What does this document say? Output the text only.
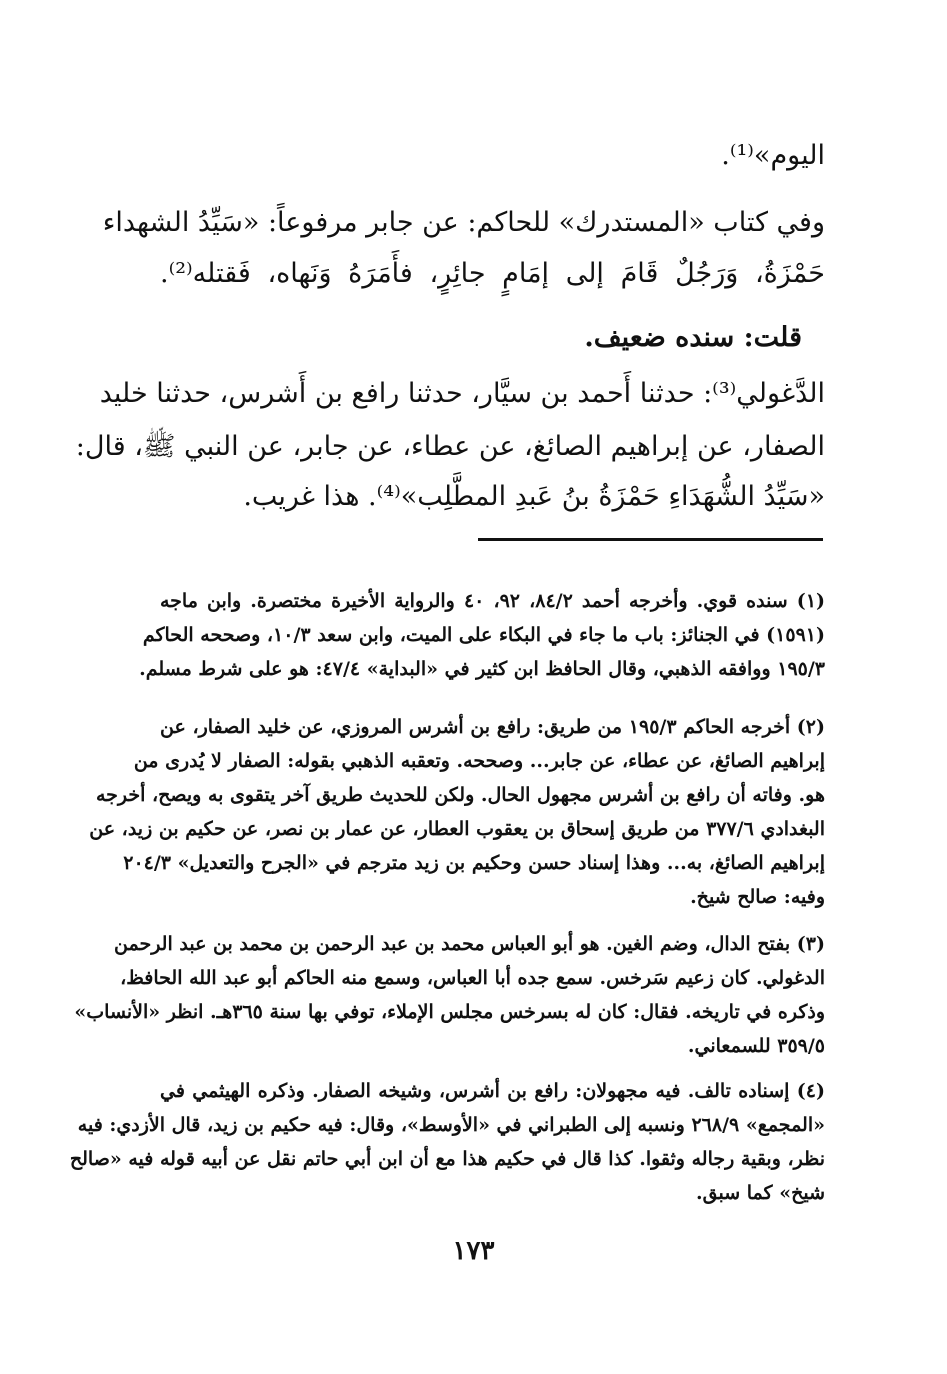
اليوم»⁽¹⁾.
وفي كتاب «المستدرك» للحاكم: عن جابر مرفوعاً: «سَيِّدُ الشهداء
حَمْزَةُ، وَرَجُلٌ قَامَ إلى إمَامٍ جائِرٍ، فأَمَرَهُ وَنَهاه، فَقتله⁽²⁾.
قلت: سنده ضعيف.
الدَّغولي⁽³⁾: حدثنا أَحمد بن سيَّار، حدثنا رافع بن أَشرس، حدثنا خليد
الصفار، عن إبراهيم الصائغ، عن عطاء، عن جابر، عن النبي ﷺ، قال:
«سَيِّدُ الشُّهَدَاءِ حَمْزَةُ بنُ عَبدِ المطَّلِب»⁽⁴⁾. هذا غريب.
(١) سنده قوي. وأخرجه أحمد ٨٤/٢، ٩٢، ٤٠ والرواية الأخيرة مختصرة. وابن ماجه
(١٥٩١) في الجنائز: باب ما جاء في البكاء على الميت، وابن سعد ١٠/٣، وصححه الحاكم
١٩٥/٣ ووافقه الذهبي، وقال الحافظ ابن كثير في «البداية» ٤٧/٤: هو على شرط مسلم.
(٢) أخرجه الحاكم ١٩٥/٣ من طريق: رافع بن أشرس المروزي، عن خليد الصفار، عن
إبراهيم الصائغ، عن عطاء، عن جابر... وصححه. وتعقبه الذهبي بقوله: الصفار لا يُدرى من
هو. وفاته أن رافع بن أشرس مجهول الحال. ولكن للحديث طريق آخر يتقوى به ويصح، أخرجه
البغدادي ٣٧٧/٦ من طريق إسحاق بن يعقوب العطار، عن عمار بن نصر، عن حكيم بن زيد، عن
إبراهيم الصائغ، به... وهذا إسناد حسن وحكيم بن زيد مترجم في «الجرح والتعديل» ٢٠٤/٣
وفيه: صالح شيخ.
(٣) بفتح الدال، وضم الغين. هو أبو العباس محمد بن عبد الرحمن بن محمد بن عبد الرحمن
الدغولي. كان زعيم سَرخس. سمع جده أبا العباس، وسمع منه الحاكم أبو عبد الله الحافظ،
وذكره في تاريخه. فقال: كان له بسرخس مجلس الإملاء، توفي بها سنة ٣٦٥هـ. انظر «الأنساب»
٣٥٩/٥ للسمعاني.
(٤) إسناده تالف. فيه مجهولان: رافع بن أشرس، وشيخه الصفار. وذكره الهيثمي في
«المجمع» ٢٦٨/٩ ونسبه إلى الطبراني في «الأوسط»، وقال: فيه حكيم بن زيد، قال الأزدي: فيه
نظر، وبقية رجاله وثقوا. كذا قال في حكيم هذا مع أن ابن أبي حاتم نقل عن أبيه قوله فيه «صالح
شيخ» كما سبق.
١٧٣
